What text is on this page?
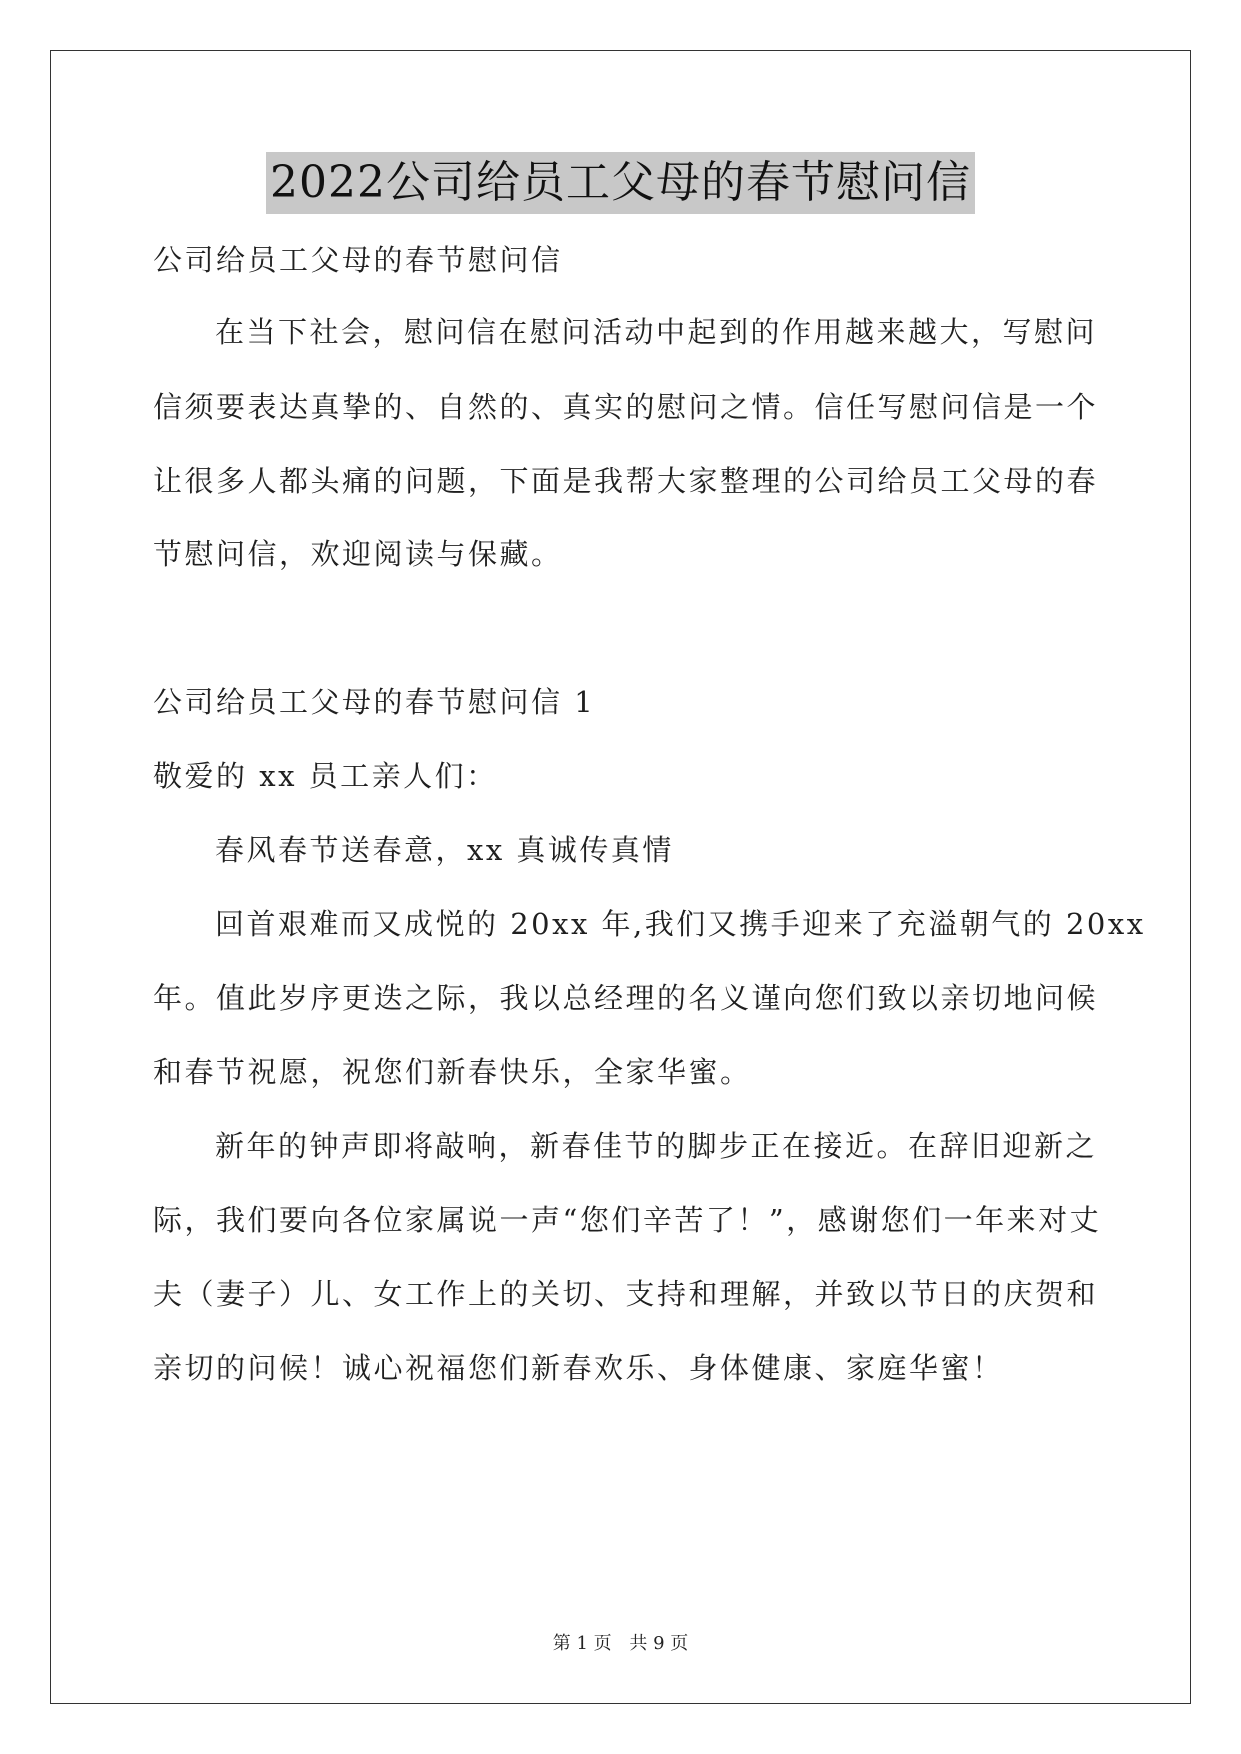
2022公司给员工父母的春节慰问信
公司给员工父母的春节慰问信
在当下社会，慰问信在慰问活动中起到的作用越来越大，写慰问
信须要表达真挚的、自然的、真实的慰问之情。信任写慰问信是一个
让很多人都头痛的问题，下面是我帮大家整理的公司给员工父母的春
节慰问信，欢迎阅读与保藏。
公司给员工父母的春节慰问信 1
敬爱的 xx 员工亲人们：
春风春节送春意，xx 真诚传真情
回首艰难而又成悦的 20xx 年,我们又携手迎来了充溢朝气的 20xx
年。值此岁序更迭之际，我以总经理的名义谨向您们致以亲切地问候
和春节祝愿，祝您们新春快乐，全家华蜜。
新年的钟声即将敲响，新春佳节的脚步正在接近。在辞旧迎新之
际，我们要向各位家属说一声“您们辛苦了！”，感谢您们一年来对丈
夫（妻子）儿、女工作上的关切、支持和理解，并致以节日的庆贺和
亲切的问候！诚心祝福您们新春欢乐、身体健康、家庭华蜜！
第 1 页 共 9 页
